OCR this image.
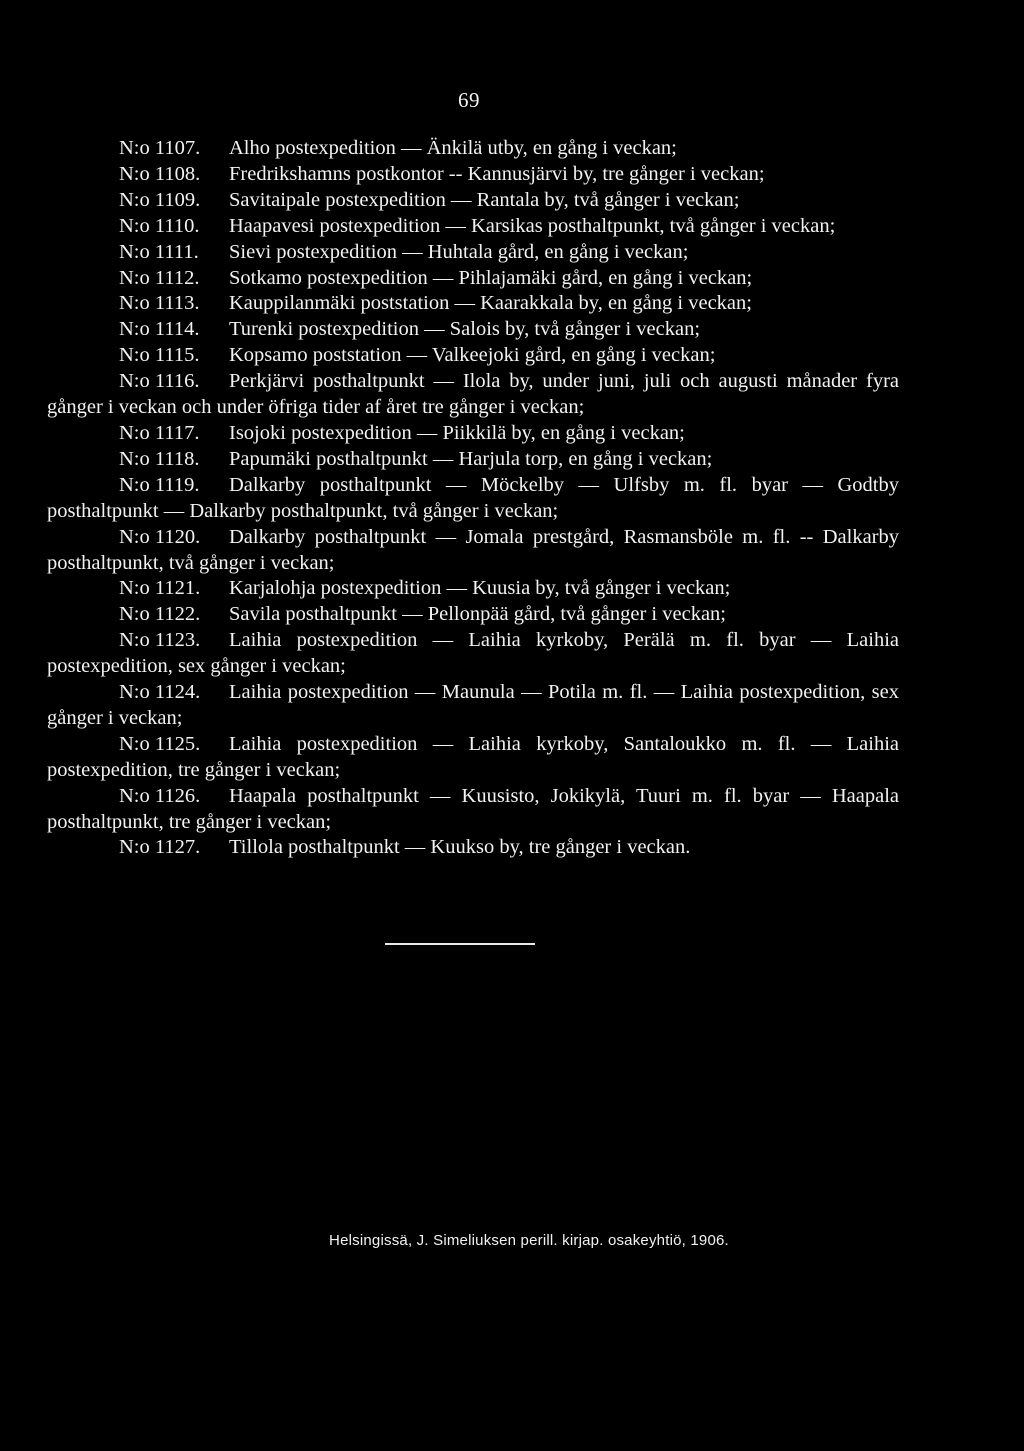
69

N:o 1107. Alho postexpedition — Änkilä utby, en gång i veckan;

N:o 1108. Fredrikshamns postkontor -- Kannusjärvi by, tre gånger i veckan;

N:o 1109. Savitaipale postexpedition — Rantala by, två gånger i veckan;

N:o 1110. Haapavesi postexpedition — Karsikas posthaltpunkt, två gånger i veckan;

N:o 1111. Sievi postexpedition — Huhtala gård, en gång i veckan;

N:o 1112. Sotkamo postexpedition — Pihlajamäki gård, en gång i veckan;

N:o 1113. Kauppilanmäki poststation — Kaarakkala by, en gång i veckan;

N:o 1114. Turenki postexpedition — Salois by, två gånger i veckan;

N:o 1115. Kopsamo poststation — Valkeejoki gård, en gång i veckan;

N:o 1116. Perkjärvi posthaltpunkt — Ilola by, under juni, juli och augusti månader fyra gånger i veckan och under öfriga tider af året tre gånger i veckan;

N:o 1117. Isojoki postexpedition — Piikkilä by, en gång i veckan;

N:o 1118. Papumäki posthaltpunkt — Harjula torp, en gång i veckan;

N:o 1119. Dalkarby posthaltpunkt — Möckelby — Ulfsby m. fl. byar — Godtby posthaltpunkt — Dalkarby posthaltpunkt, två gånger i veckan;

N:o 1120. Dalkarby posthaltpunkt — Jomala prestgård, Rasmansböle m. fl. -- Dalkarby posthaltpunkt, två gånger i veckan;

N:o 1121. Karjalohja postexpedition — Kuusia by, två gånger i veckan;

N:o 1122. Savila posthaltpunkt — Pellonpää gård, två gånger i veckan;

N:o 1123. Laihia postexpedition — Laihia kyrkoby, Perälä m. fl. byar — Laihia postexpedition, sex gånger i veckan;

N:o 1124. Laihia postexpedition — Maunula — Potila m. fl. — Laihia postexpedition, sex gånger i veckan;

N:o 1125. Laihia postexpedition — Laihia kyrkoby, Santaloukko m. fl. — Laihia postexpedition, tre gånger i veckan;

N:o 1126. Haapala posthaltpunkt — Kuusisto, Jokikylä, Tuuri m. fl. byar — Haapala posthaltpunkt, tre gånger i veckan;

N:o 1127. Tillola posthaltpunkt — Kuukso by, tre gånger i veckan.

Helsingissä, J. Simeliuksen perill. kirjap. osakeyhtiö, 1906.
